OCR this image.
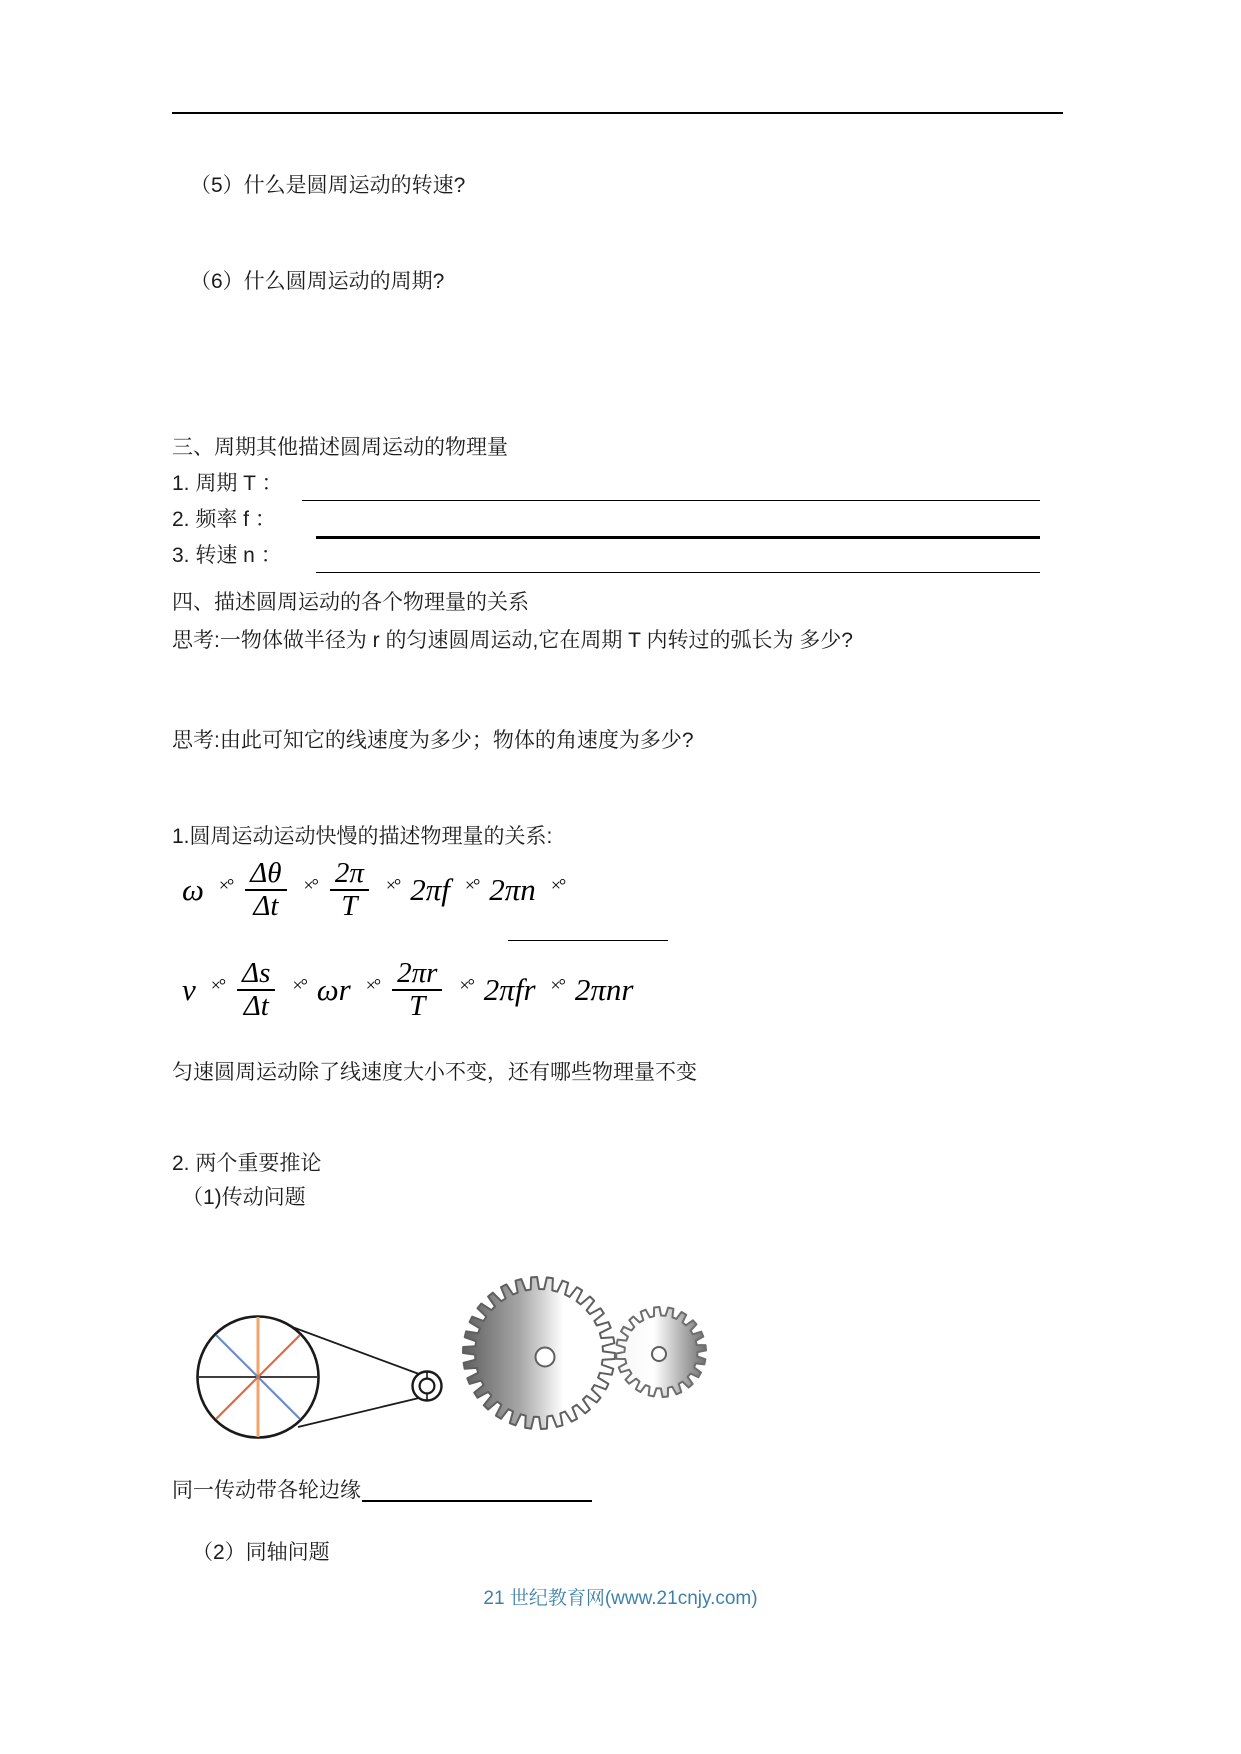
（5）什么是圆周运动的转速?
（6）什么圆周运动的周期?
三、周期其他描述圆周运动的物理量
1. 周期 T ：
2. 频率 f ：
3. 转速 n ：
四、描述圆周运动的各个物理量的关系
思考:一物体做半径为 r 的匀速圆周运动,它在周期 T 内转过的弧长为 多少?
思考:由此可知它的线速度为多少；物体的角速度为多少?
1.圆周运动运动快慢的描述物理量的关系:
ω ×° $\frac{\Delta\theta}{\Delta t}$ ×° $\frac{2\pi}{T}$ ×° 2πf ×° 2πn ×°
v ×° $\frac{\Delta s}{\Delta t}$ ×° ωr ×° $\frac{2\pi r}{T}$ ×° 2πfr ×° 2πnr
匀速圆周运动除了线速度大小不变，还有哪些物理量不变
2. 两个重要推论
（1)传动问题
同一传动带各轮边缘
（2）同轴问题
21 世纪教育网(www.21cnjy.com)
